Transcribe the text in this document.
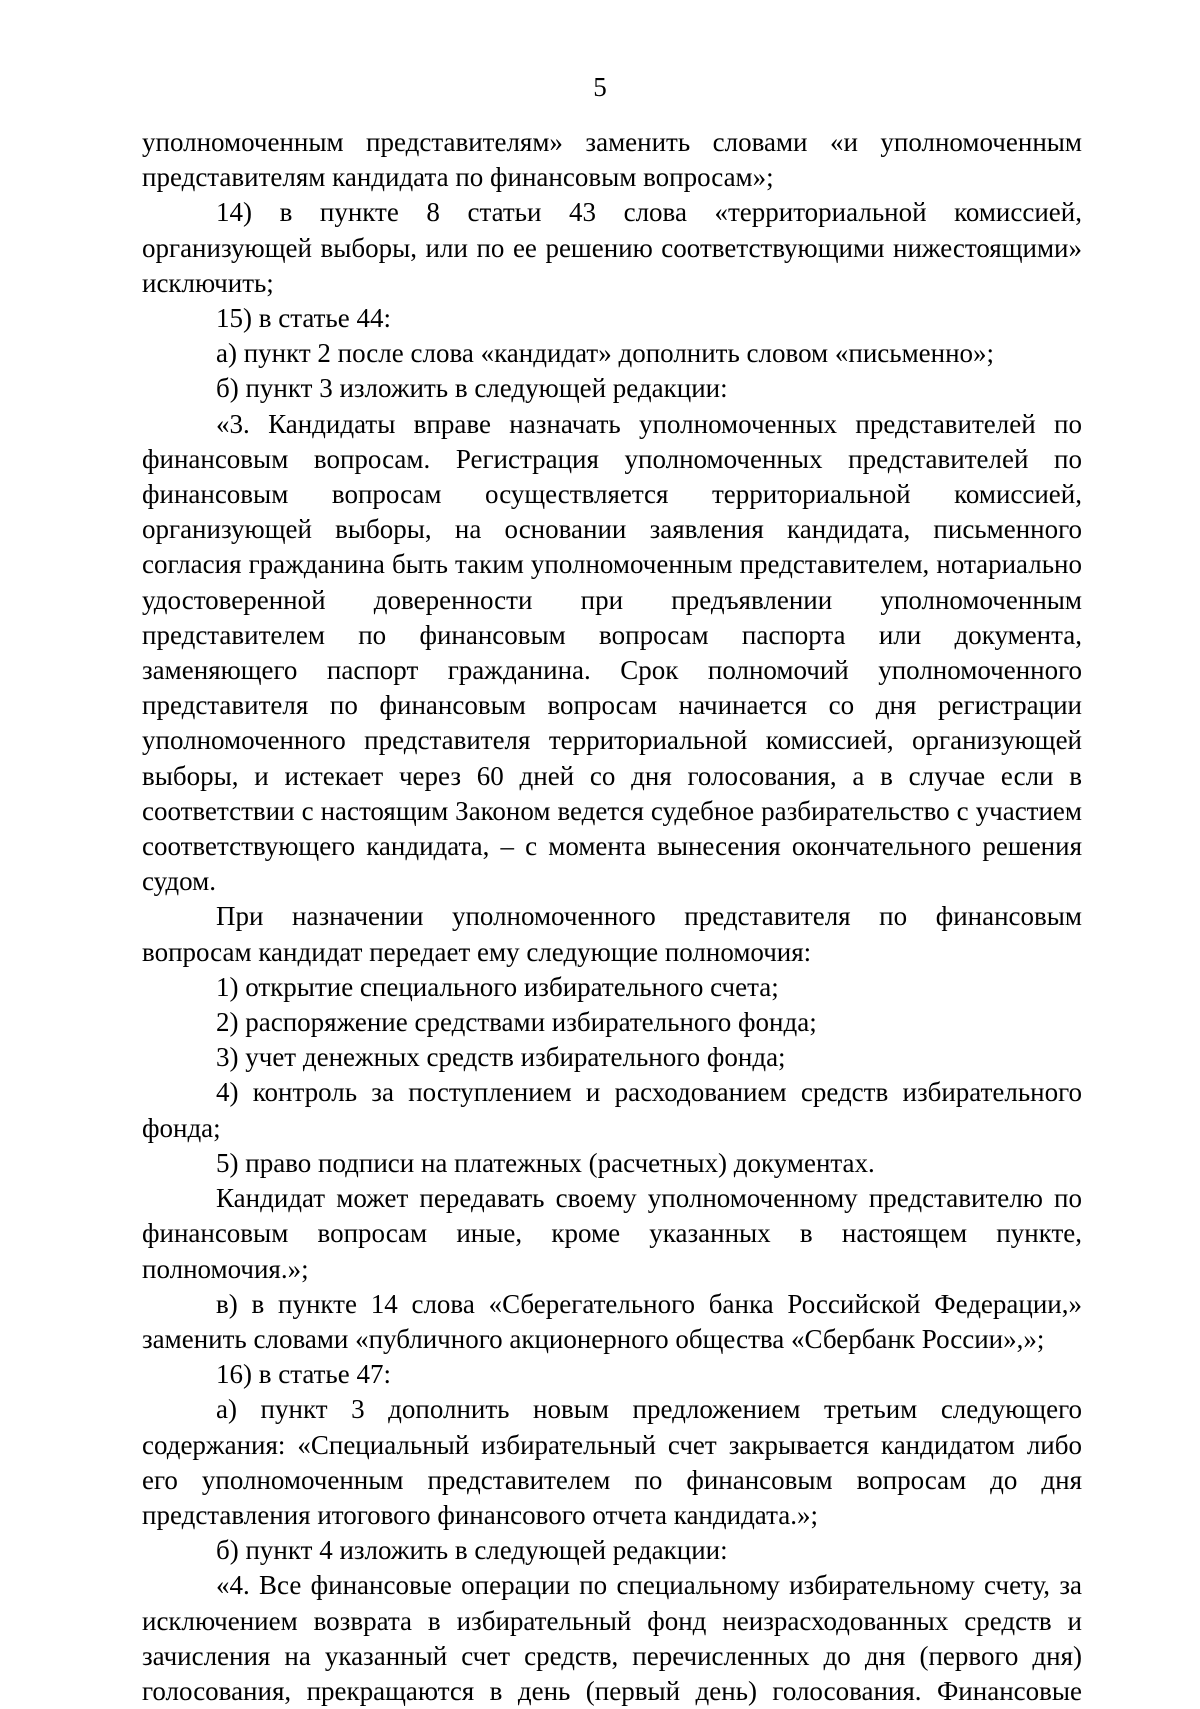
5

уполномоченным представителям» заменить словами «и уполномоченным представителям кандидата по финансовым вопросам»;

14) в пункте 8 статьи 43 слова «территориальной комиссией, организующей выборы, или по ее решению соответствующими нижестоящими» исключить;

15) в статье 44:

а) пункт 2 после слова «кандидат» дополнить словом «письменно»;

б) пункт 3 изложить в следующей редакции:

«3. Кандидаты вправе назначать уполномоченных представителей по финансовым вопросам. Регистрация уполномоченных представителей по финансовым вопросам осуществляется территориальной комиссией, организующей выборы, на основании заявления кандидата, письменного согласия гражданина быть таким уполномоченным представителем, нотариально удостоверенной доверенности при предъявлении уполномоченным представителем по финансовым вопросам паспорта или документа, заменяющего паспорт гражданина. Срок полномочий уполномоченного представителя по финансовым вопросам начинается со дня регистрации уполномоченного представителя территориальной комиссией, организующей выборы, и истекает через 60 дней со дня голосования, а в случае если в соответствии с настоящим Законом ведется судебное разбирательство с участием соответствующего кандидата, – с момента вынесения окончательного решения судом.

При назначении уполномоченного представителя по финансовым вопросам кандидат передает ему следующие полномочия:

1) открытие специального избирательного счета;

2) распоряжение средствами избирательного фонда;

3) учет денежных средств избирательного фонда;

4) контроль за поступлением и расходованием средств избирательного фонда;

5) право подписи на платежных (расчетных) документах.

Кандидат может передавать своему уполномоченному представителю по финансовым вопросам иные, кроме указанных в настоящем пункте, полномочия.»;

в) в пункте 14 слова «Сберегательного банка Российской Федерации,» заменить словами «публичного акционерного общества «Сбербанк России»,»;

16) в статье 47:

а) пункт 3 дополнить новым предложением третьим следующего содержания: «Специальный избирательный счет закрывается кандидатом либо его уполномоченным представителем по финансовым вопросам до дня представления итогового финансового отчета кандидата.»;

б) пункт 4 изложить в следующей редакции:

«4. Все финансовые операции по специальному избирательному счету, за исключением возврата в избирательный фонд неизрасходованных средств и зачисления на указанный счет средств, перечисленных до дня (первого дня) голосования, прекращаются в день (первый день) голосования. Финансовые
